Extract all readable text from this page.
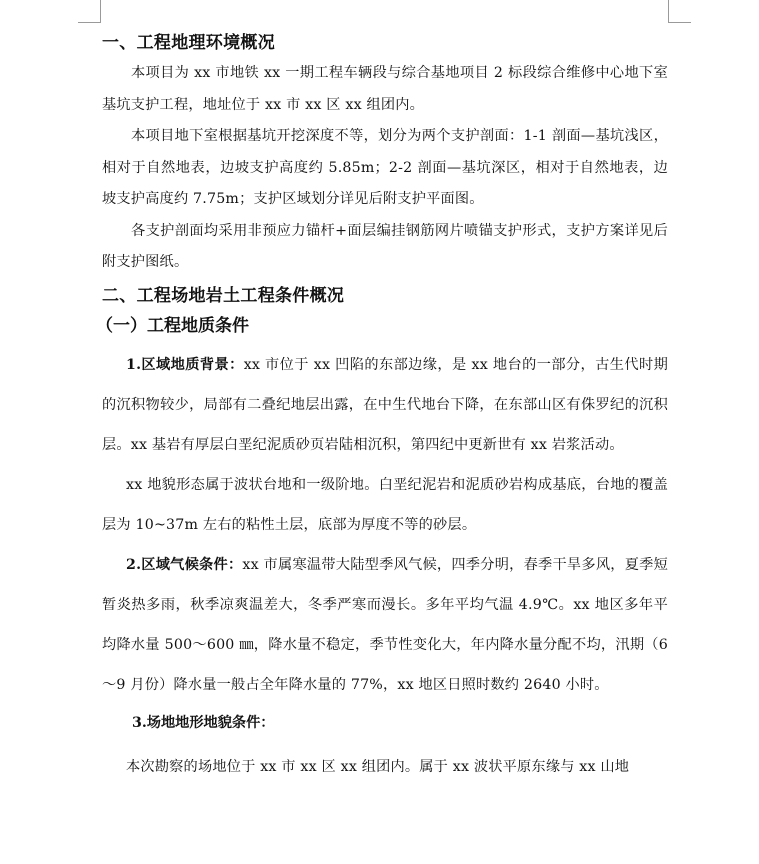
一、工程地理环境概况

本项目为 xx 市地铁 xx 一期工程车辆段与综合基地项目 2 标段综合维修中心地下室基坑支护工程，地址位于 xx 市 xx 区 xx 组团内。

本项目地下室根据基坑开挖深度不等，划分为两个支护剖面：1-1 剖面—基坑浅区，相对于自然地表，边坡支护高度约 5.85m；2-2 剖面—基坑深区，相对于自然地表，边坡支护高度约 7.75m；支护区域划分详见后附支护平面图。

各支护剖面均采用非预应力锚杆+面层编挂钢筋网片喷锚支护形式，支护方案详见后附支护图纸。

二、工程场地岩土工程条件概况
（一）工程地质条件

1.区域地质背景：xx 市位于 xx 凹陷的东部边缘，是 xx 地台的一部分，古生代时期的沉积物较少，局部有二叠纪地层出露，在中生代地台下降，在东部山区有侏罗纪的沉积层。xx 基岩有厚层白垩纪泥质砂页岩陆相沉积，第四纪中更新世有 xx 岩浆活动。

xx 地貌形态属于波状台地和一级阶地。白垩纪泥岩和泥质砂岩构成基底，台地的覆盖层为 10~37m 左右的粘性土层，底部为厚度不等的砂层。

2.区域气候条件：xx 市属寒温带大陆型季风气候，四季分明，春季干旱多风，夏季短暂炎热多雨，秋季凉爽温差大，冬季严寒而漫长。多年平均气温 4.9℃。xx 地区多年平均降水量 500～600 ㎜，降水量不稳定，季节性变化大，年内降水量分配不均，汛期（6～9 月份）降水量一般占全年降水量的 77%，xx 地区日照时数约 2640 小时。

3.场地地形地貌条件：

本次勘察的场地位于 xx 市 xx 区 xx 组团内。属于 xx 波状平原东缘与 xx 山地
